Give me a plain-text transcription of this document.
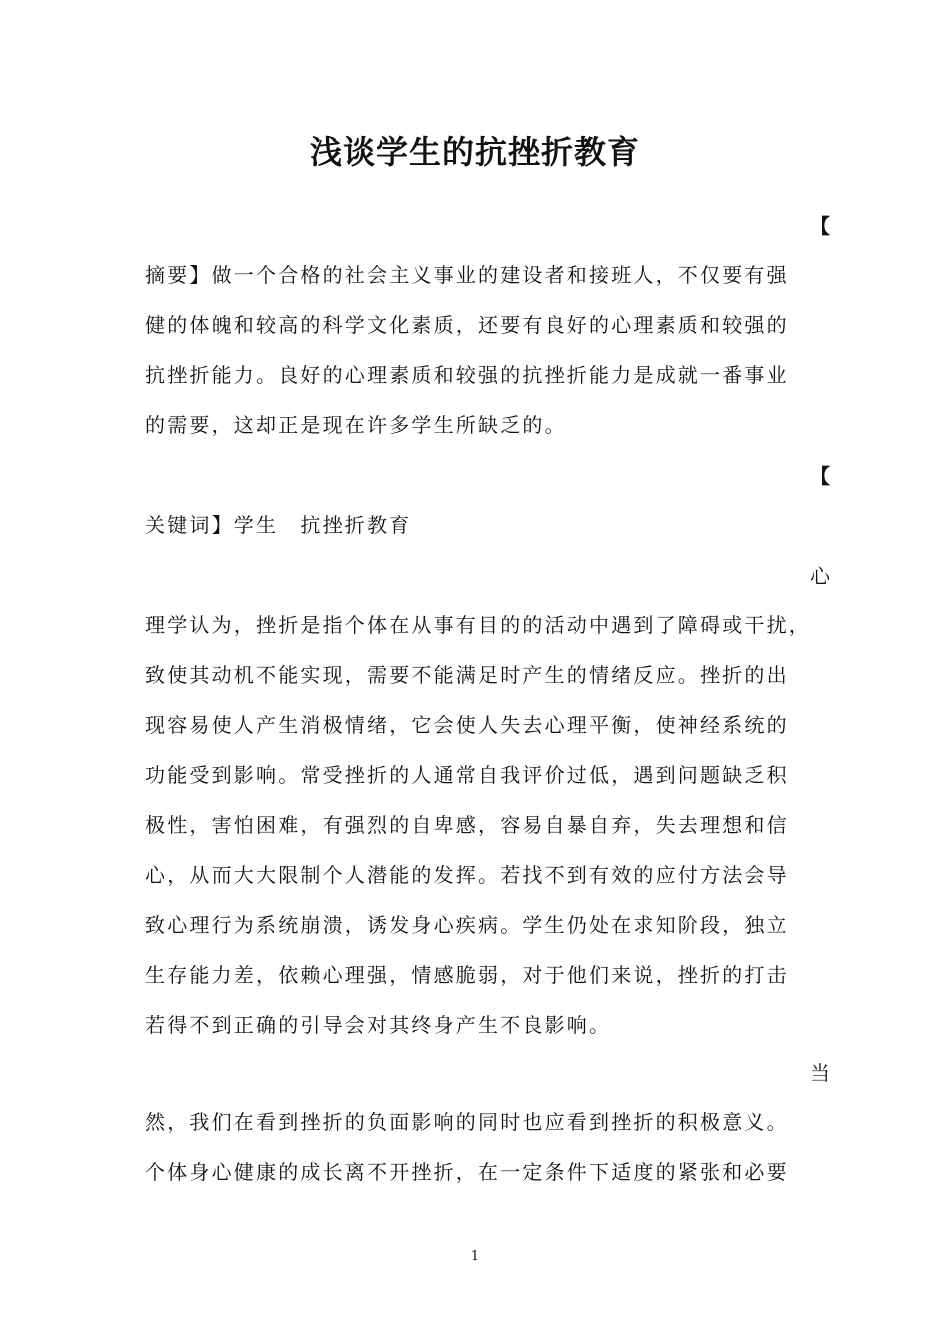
浅谈学生的抗挫折教育
【
摘要】做一个合格的社会主义事业的建设者和接班人，不仅要有强
健的体魄和较高的科学文化素质，还要有良好的心理素质和较强的
抗挫折能力。良好的心理素质和较强的抗挫折能力是成就一番事业
的需要，这却正是现在许多学生所缺乏的。
【
关键词】学生　抗挫折教育
心
理学认为，挫折是指个体在从事有目的的活动中遇到了障碍或干扰，
致使其动机不能实现，需要不能满足时产生的情绪反应。挫折的出
现容易使人产生消极情绪，它会使人失去心理平衡，使神经系统的
功能受到影响。常受挫折的人通常自我评价过低，遇到问题缺乏积
极性，害怕困难，有强烈的自卑感，容易自暴自弃，失去理想和信
心，从而大大限制个人潜能的发挥。若找不到有效的应付方法会导
致心理行为系统崩溃，诱发身心疾病。学生仍处在求知阶段，独立
生存能力差，依赖心理强，情感脆弱，对于他们来说，挫折的打击
若得不到正确的引导会对其终身产生不良影响。
当
然，我们在看到挫折的负面影响的同时也应看到挫折的积极意义。
个体身心健康的成长离不开挫折，在一定条件下适度的紧张和必要
1
